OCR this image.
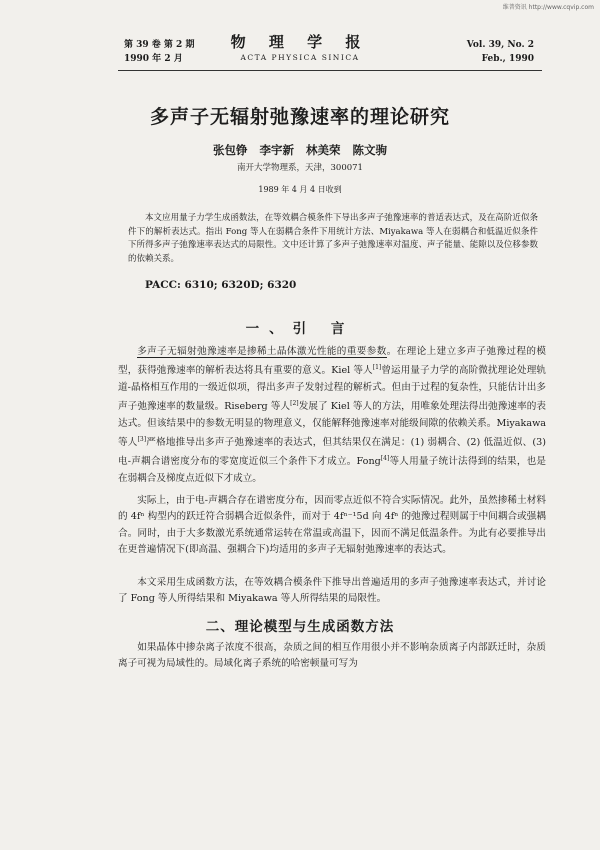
维普资讯 http://www.cqvip.com
第 39 卷 第 2 期
1990 年 2 月
物 理 学 报
ACTA PHYSICA SINICA
Vol. 39, No. 2
Feb., 1990
多声子无辐射弛豫速率的理论研究
张包铮 李宇新 林美荣 陈文驹
南开大学物理系，天津，300071
1989 年 4 月 4 日收到

本文应用量子力学生成函数法，在等效耦合模条件下导出多声子弛豫速率的普适表达式，及在高阶近似条件下的解析表达式。指出 Fong 等人在弱耦合条件下用统计方法、Miyakawa 等人在弱耦合和低温近似条件下所得多声子弛豫速率表达式的局限性。文中还计算了多声子弛豫速率对温度、声子能量、能隙以及位移参数的依赖关系。

PACC: 6310; 6320D; 6320
一、引 言

多声子无辐射弛豫速率是掺稀土晶体激光性能的重要参数。在理论上建立多声子弛豫过程的模型，获得弛豫速率的解析表达将具有重要的意义。Kiel 等人[1]曾运用量子力学的高阶微扰理论处理轨道-晶格相互作用的一级近似项，得出多声子发射过程的解析式。但由于过程的复杂性，只能估计出多声子弛豫速率的数量级。Riseberg 等人[2]发展了 Kiel 等人的方法，用唯象处理法得出弛豫速率的表达式。但该结果中的参数无明显的物理意义，仅能解释弛豫速率对能级间隙的依赖关系。Miyakawa 等人[3]严格地推导出多声子弛豫速率的表达式，但其结果仅在满足：(1) 弱耦合、(2) 低温近似、(3) 电-声耦合谱密度分布的零宽度近似三个条件下才成立。Fong[4]等人用量子统计法得到的结果，也是在弱耦合及梯度点近似下才成立。

实际上，由于电-声耦合存在谱密度分布，因而零点近似不符合实际情况。此外，虽然掺稀土材料的 4fⁿ 构型内的跃迁符合弱耦合近似条件，而对于 4fⁿ⁻¹5d 向 4fⁿ 的弛豫过程则属于中间耦合或强耦合。同时，由于大多数激光系统通常运转在常温或高温下，因而不满足低温条件。为此有必要推导出在更普遍情况下(即高温、强耦合下)均适用的多声子无辐射弛豫速率的表达式。

本文采用生成函数方法，在等效耦合模条件下推导出普遍适用的多声子弛豫速率表达式，并讨论了 Fong 等人所得结果和 Miyakawa 等人所得结果的局限性。

二、理论模型与生成函数方法

如果晶体中掺杂离子浓度不很高，杂质之间的相互作用很小并不影响杂质离子内部跃迁时，杂质离子可视为局域性的。局域化离子系统的哈密顿量可写为
